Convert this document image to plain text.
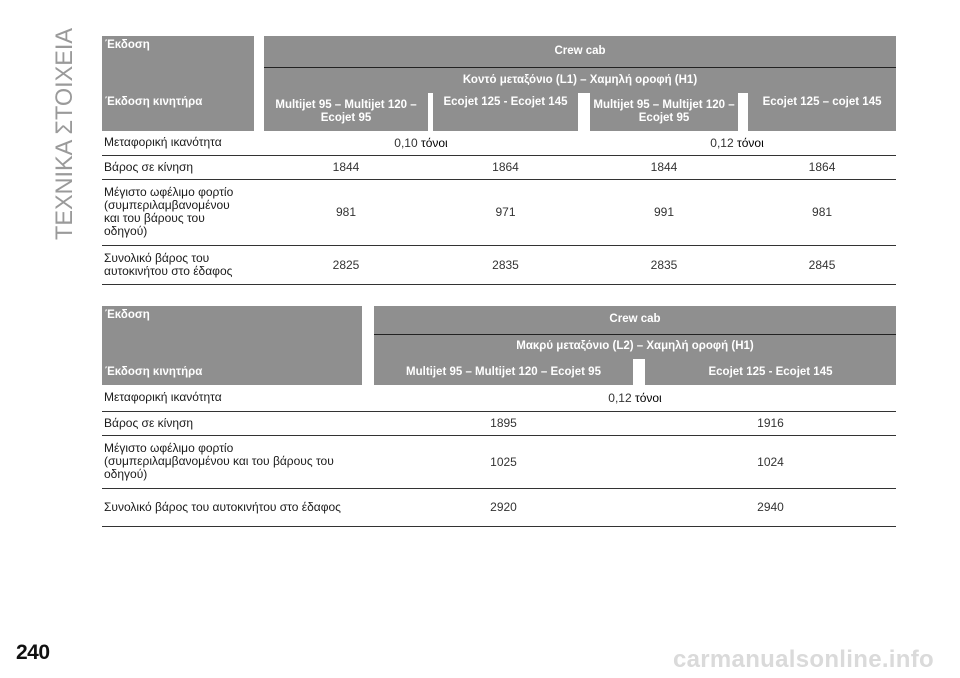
ΤΕΧΝΙΚΑ ΣΤΟΙΧΕΙΑ Έκδοση		Crew cab						
		Κοντό μεταξόνιο (L1) – Χαμηλή οροφή (H1)						
Έκδοση κινητήρα		Multijet 95 – Multijet 120 – Ecojet 95		Ecojet 125 - Ecojet 145		Multijet 95 – Multijet 120 – Ecojet 95		Ecojet 125 – cojet 145
Μεταφορική ικανότητα		0,10 τόνοι			0,12 τόνοι			
Βάρος σε κίνηση		1844		1864		1844		1864
Μέγιστο ωφέλιμο φορτίο (συμπεριλαμβανομένου και του βάρους του οδηγού)		981		971		991		981
Συνολικό βάρος του αυτοκινήτου στο έδαφος		2825		2835		2835		2845
Έκδοση		Crew cab		
		Μακρύ μεταξόνιο (L2) – Χαμηλή οροφή (H1)		
Έκδοση κινητήρα		Multijet 95 – Multijet 120 – Ecojet 95		Ecojet 125 - Ecojet 145
Μεταφορική ικανότητα		0,12 τόνοι		
Βάρος σε κίνηση		1895		1916
Μέγιστο ωφέλιμο φορτίο (συμπεριλαμβανομένου και του βάρους του οδηγού)		1025		1024
Συνολικό βάρος του αυτοκινήτου στο έδαφος		2920		2940
240	carmanualsonline.info
